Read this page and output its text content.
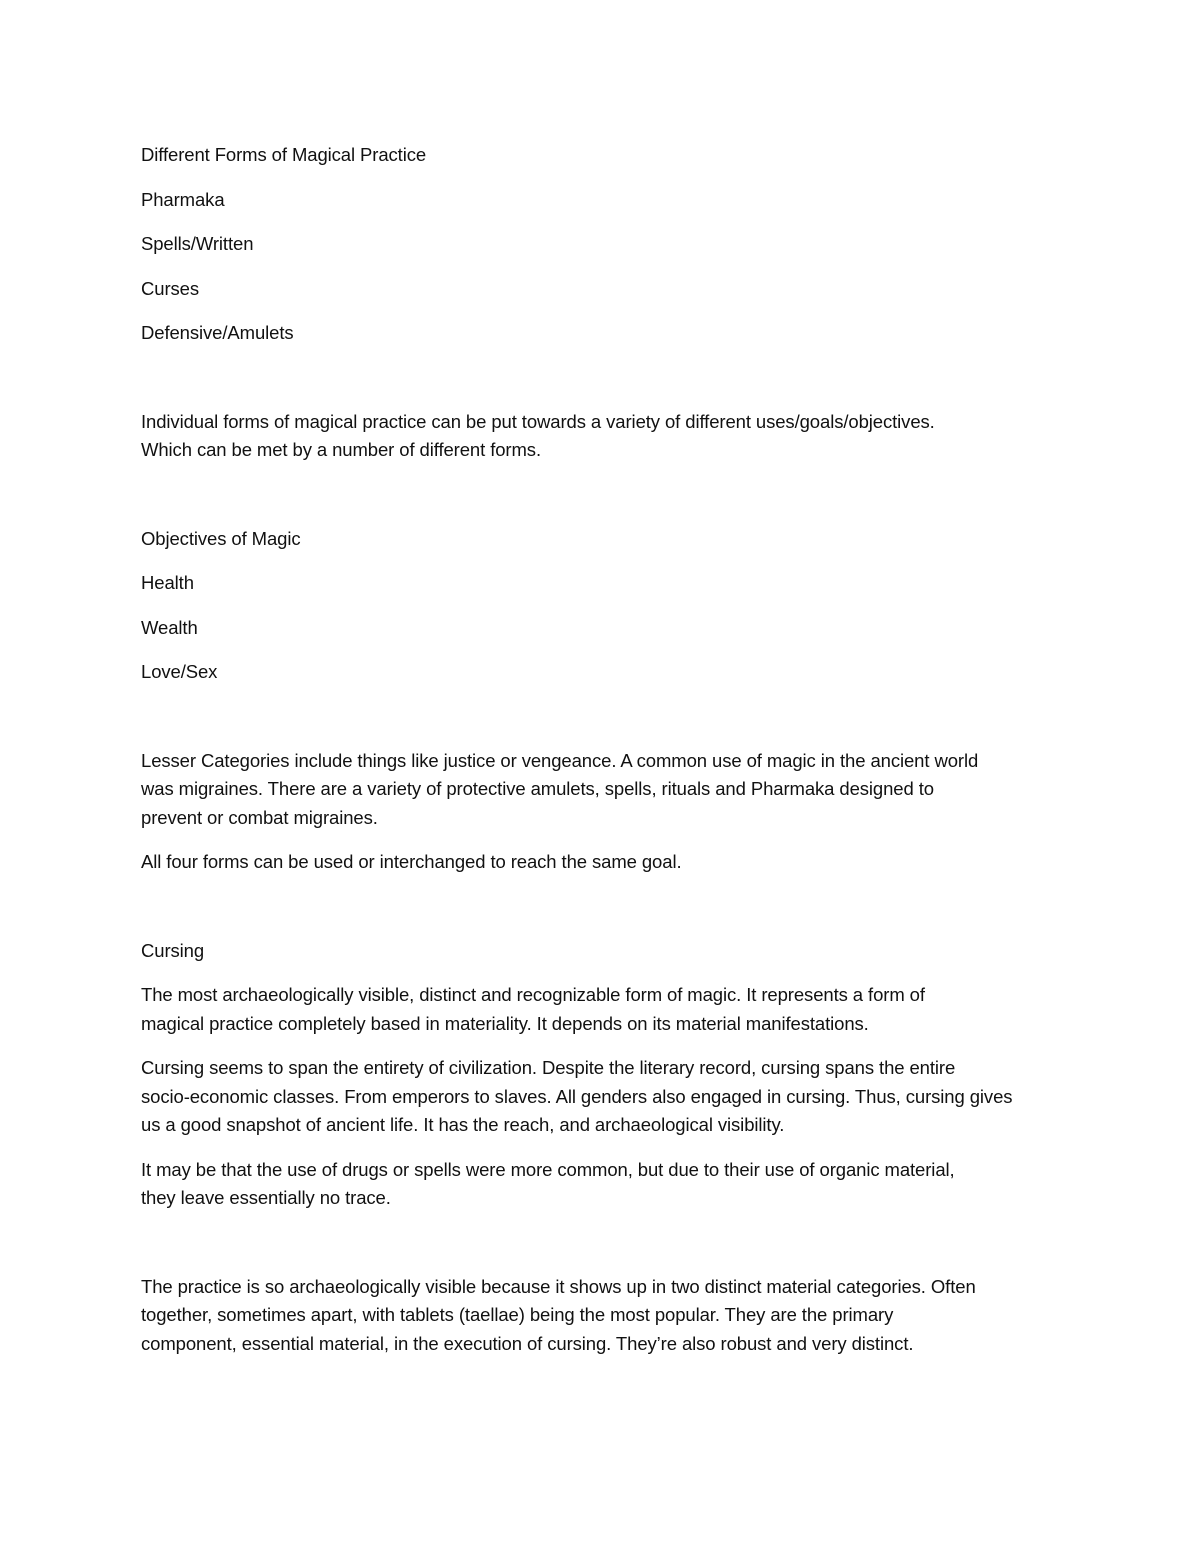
Different Forms of Magical Practice

Pharmaka

Spells/Written

Curses

Defensive/Amulets

Individual forms of magical practice can be put towards a variety of different uses/goals/objectives.
Which can be met by a number of different forms.

Objectives of Magic

Health

Wealth

Love/Sex

Lesser Categories include things like justice or vengeance. A common use of magic in the ancient world
was migraines. There are a variety of protective amulets, spells, rituals and Pharmaka designed to
prevent or combat migraines.
All four forms can be used or interchanged to reach the same goal.

Cursing

The most archaeologically visible, distinct and recognizable form of magic. It represents a form of
magical practice completely based in materiality. It depends on its material manifestations.
Cursing seems to span the entirety of civilization. Despite the literary record, cursing spans the entire
socio-economic classes. From emperors to slaves. All genders also engaged in cursing. Thus, cursing gives
us a good snapshot of ancient life. It has the reach, and archaeological visibility.
It may be that the use of drugs or spells were more common, but due to their use of organic material,
they leave essentially no trace.
The practice is so archaeologically visible because it shows up in two distinct material categories. Often
together, sometimes apart, with tablets (taellae) being the most popular. They are the primary
component, essential material, in the execution of cursing. They’re also robust and very distinct.
